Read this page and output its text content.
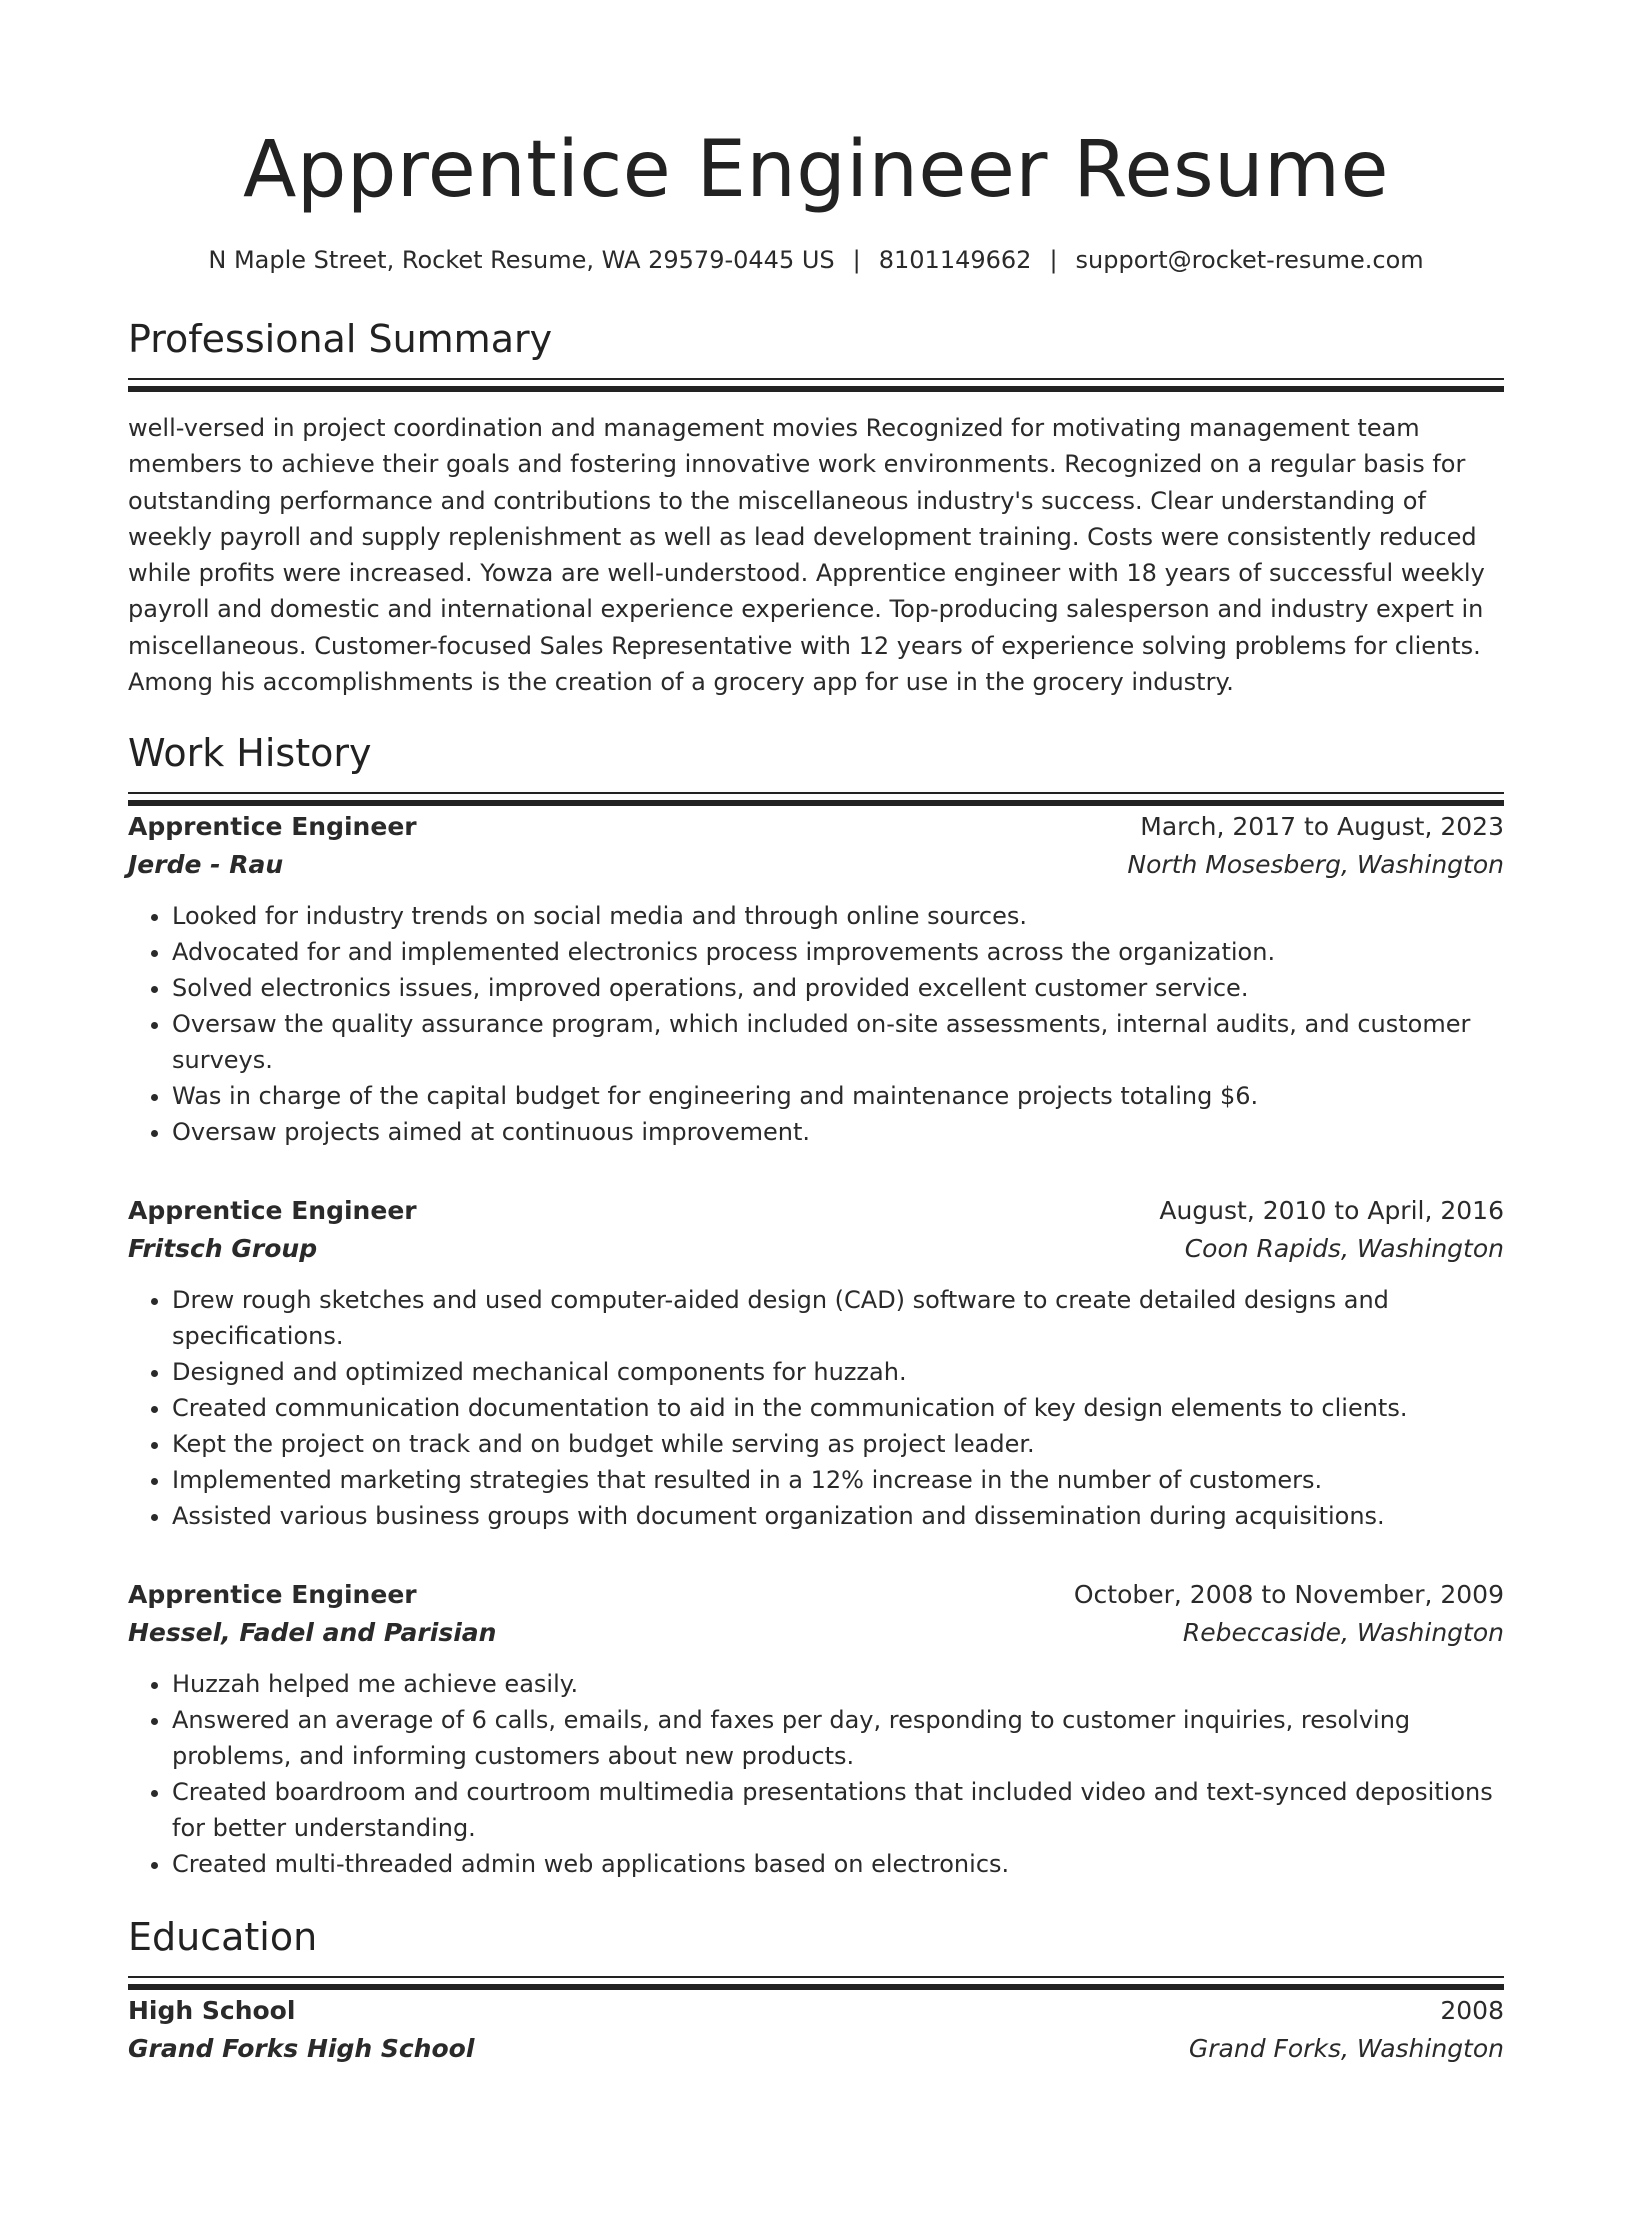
Apprentice Engineer Resume
N Maple Street, Rocket Resume, WA 29579-0445 US | 8101149662 | support@rocket-resume.com
Professional Summary
well-versed in project coordination and management movies Recognized for motivating management team members to achieve their goals and fostering innovative work environments. Recognized on a regular basis for outstanding performance and contributions to the miscellaneous industry's success. Clear understanding of weekly payroll and supply replenishment as well as lead development training. Costs were consistently reduced while profits were increased. Yowza are well-understood. Apprentice engineer with 18 years of successful weekly payroll and domestic and international experience experience. Top-producing salesperson and industry expert in miscellaneous. Customer-focused Sales Representative with 12 years of experience solving problems for clients. Among his accomplishments is the creation of a grocery app for use in the grocery industry.
Work History
Apprentice Engineer	March, 2017 to August, 2023
Jerde - Rau	North Mosesberg, Washington
• Looked for industry trends on social media and through online sources.
• Advocated for and implemented electronics process improvements across the organization.
• Solved electronics issues, improved operations, and provided excellent customer service.
• Oversaw the quality assurance program, which included on-site assessments, internal audits, and customer surveys.
• Was in charge of the capital budget for engineering and maintenance projects totaling $6.
• Oversaw projects aimed at continuous improvement.
Apprentice Engineer	August, 2010 to April, 2016
Fritsch Group	Coon Rapids, Washington
• Drew rough sketches and used computer-aided design (CAD) software to create detailed designs and specifications.
• Designed and optimized mechanical components for huzzah.
• Created communication documentation to aid in the communication of key design elements to clients.
• Kept the project on track and on budget while serving as project leader.
• Implemented marketing strategies that resulted in a 12% increase in the number of customers.
• Assisted various business groups with document organization and dissemination during acquisitions.
Apprentice Engineer	October, 2008 to November, 2009
Hessel, Fadel and Parisian	Rebeccaside, Washington
• Huzzah helped me achieve easily.
• Answered an average of 6 calls, emails, and faxes per day, responding to customer inquiries, resolving problems, and informing customers about new products.
• Created boardroom and courtroom multimedia presentations that included video and text-synced depositions for better understanding.
• Created multi-threaded admin web applications based on electronics.
Education
High School	2008
Grand Forks High School	Grand Forks, Washington
